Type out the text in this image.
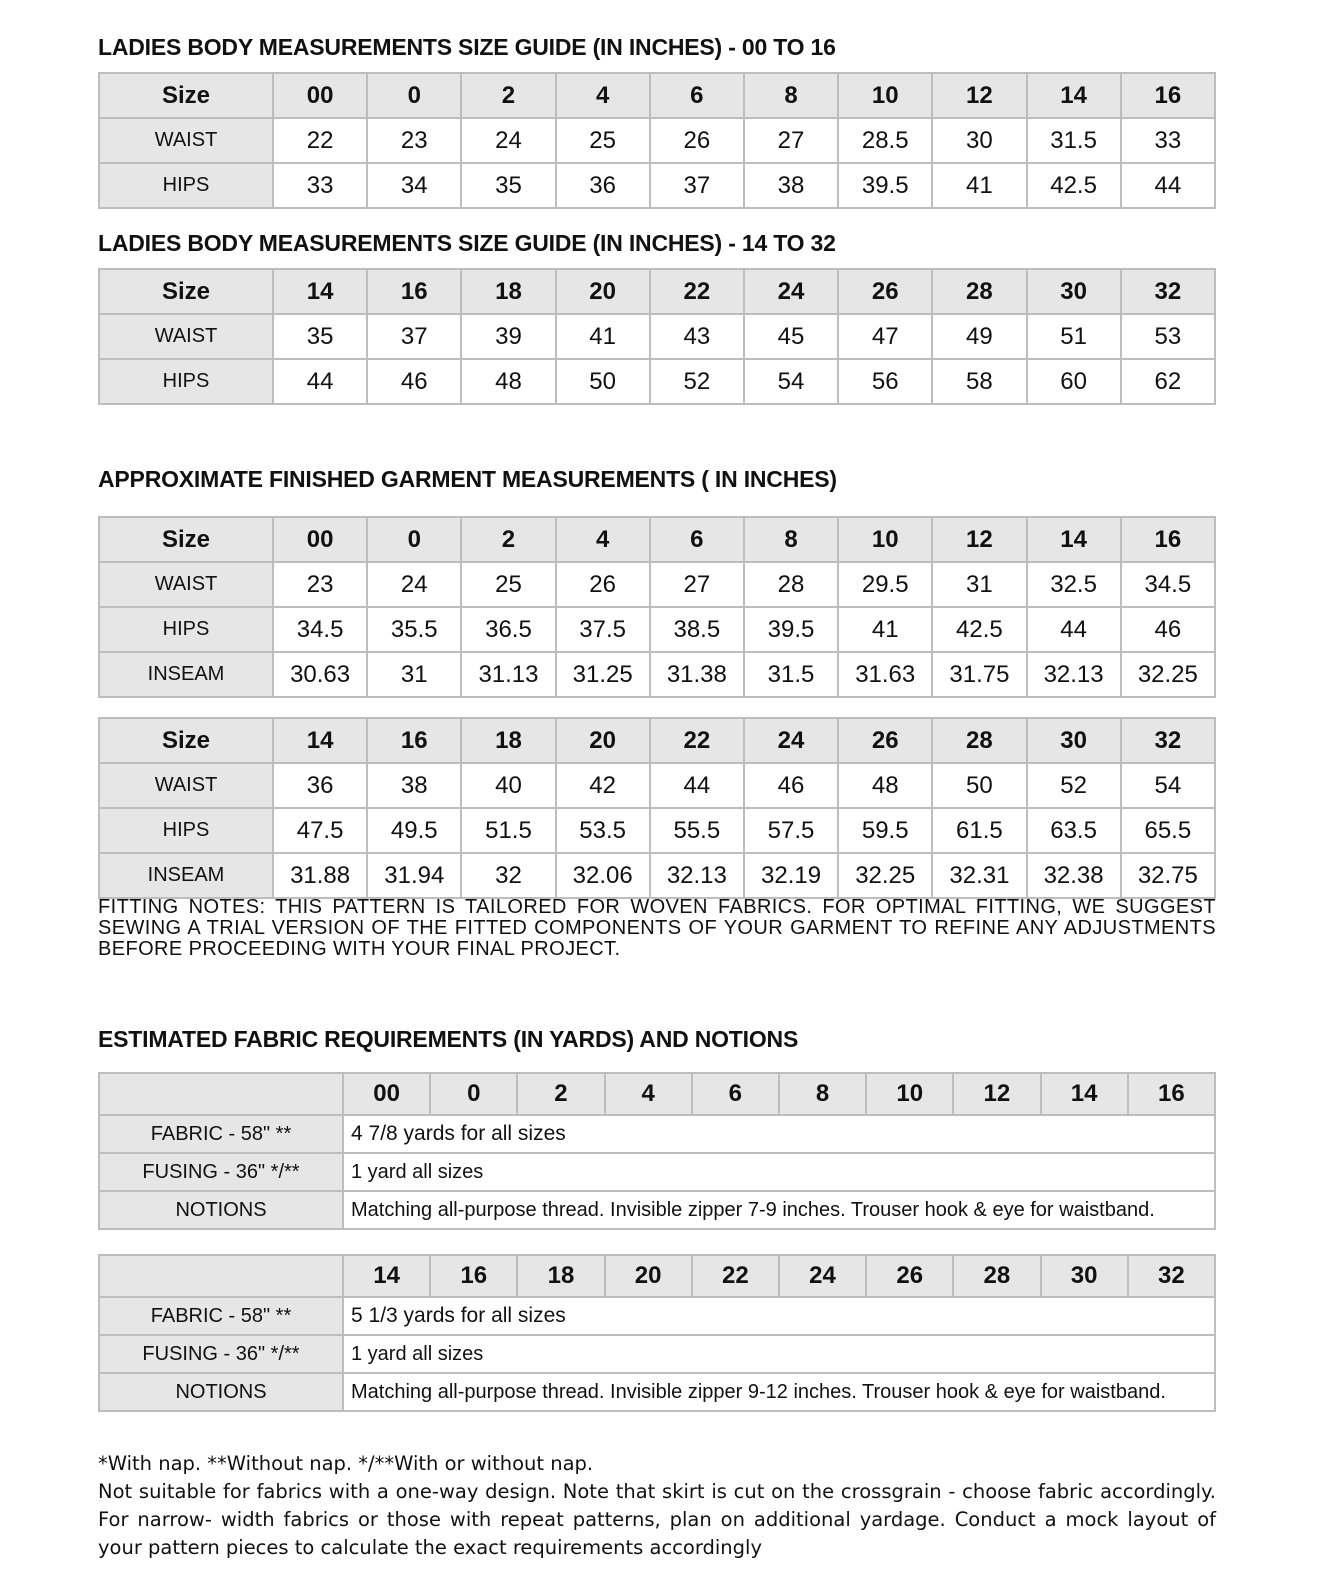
LADIES BODY MEASUREMENTS SIZE GUIDE (IN INCHES) - 00 TO 16
Size	00	0	2	4	6	8	10	12	14	16
WAIST	22	23	24	25	26	27	28.5	30	31.5	33
HIPS	33	34	35	36	37	38	39.5	41	42.5	44
LADIES BODY MEASUREMENTS SIZE GUIDE (IN INCHES) - 14 TO 32
Size	14	16	18	20	22	24	26	28	30	32
WAIST	35	37	39	41	43	45	47	49	51	53
HIPS	44	46	48	50	52	54	56	58	60	62
APPROXIMATE FINISHED GARMENT MEASUREMENTS ( IN INCHES)
Size	00	0	2	4	6	8	10	12	14	16
WAIST	23	24	25	26	27	28	29.5	31	32.5	34.5
HIPS	34.5	35.5	36.5	37.5	38.5	39.5	41	42.5	44	46
INSEAM	30.63	31	31.13	31.25	31.38	31.5	31.63	31.75	32.13	32.25
Size	14	16	18	20	22	24	26	28	30	32
WAIST	36	38	40	42	44	46	48	50	52	54
HIPS	47.5	49.5	51.5	53.5	55.5	57.5	59.5	61.5	63.5	65.5
INSEAM	31.88	31.94	32	32.06	32.13	32.19	32.25	32.31	32.38	32.75

FITTING NOTES: THIS PATTERN IS TAILORED FOR WOVEN FABRICS. FOR OPTIMAL FITTING, WE SUGGEST SEWING A TRIAL VERSION OF THE FITTED COMPONENTS OF YOUR GARMENT TO REFINE ANY ADJUSTMENTS BEFORE PROCEEDING WITH YOUR FINAL PROJECT.

ESTIMATED FABRIC REQUIREMENTS (IN YARDS) AND NOTIONS
	00	0	2	4	6	8	10	12	14	16
FABRIC - 58" **	4 7/8 yards for all sizes									
FUSING - 36" */**	1 yard all sizes									
NOTIONS	Matching all-purpose thread. Invisible zipper 7-9 inches. Trouser hook & eye for waistband.									
	14	16	18	20	22	24	26	28	30	32
FABRIC - 58" **	5 1/3 yards for all sizes									
FUSING - 36" */**	1 yard all sizes									
NOTIONS	Matching all-purpose thread. Invisible zipper 9-12 inches. Trouser hook & eye for waistband.									
*With nap. **Without nap. */**With or without nap.
Not suitable for fabrics with a one-way design. Note that skirt is cut on the crossgrain - choose fabric accordingly. For narrow- width fabrics or those with repeat patterns, plan on additional yardage. Conduct a mock layout of your pattern pieces to calculate the exact requirements accordingly
